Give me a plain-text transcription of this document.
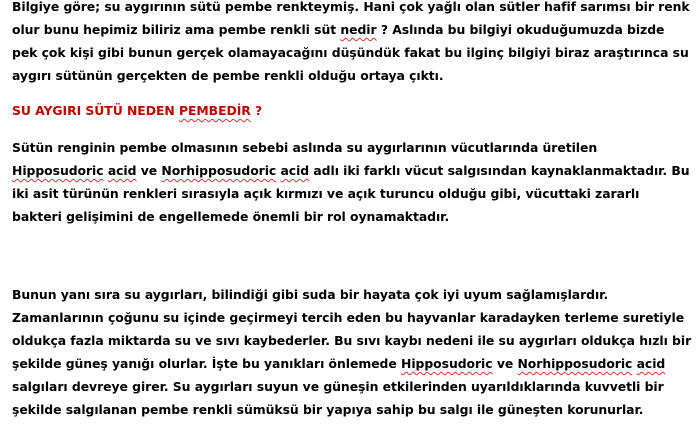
Bilgiye göre; su aygırının sütü pembe renkteymiş. Hani çok yağlı olan sütler hafif sarımsı bir renk olur bunu hepimiz biliriz ama pembe renkli süt nedir ? Aslında bu bilgiyi okuduğumuzda bizde pek çok kişi gibi bunun gerçek olamayacağını düşündük fakat bu ilginç bilgiyi biraz araştırınca su aygırı sütünün gerçekten de pembe renkli olduğu ortaya çıktı.

SU AYGIRI SÜTÜ NEDEN PEMBEDİR ?

Sütün renginin pembe olmasının sebebi aslında su aygırlarının vücutlarında üretilen Hipposudoric acid ve Norhipposudoric acid adlı iki farklı vücut salgısından kaynaklanmaktadır. Bu iki asit türünün renkleri sırasıyla açık kırmızı ve açık turuncu olduğu gibi, vücuttaki zararlı bakteri gelişimini de engellemede önemli bir rol oynamaktadır.

Bunun yanı sıra su aygırları, bilindiği gibi suda bir hayata çok iyi uyum sağlamışlardır. Zamanlarının çoğunu su içinde geçirmeyi tercih eden bu hayvanlar karadayken terleme suretiyle oldukça fazla miktarda su ve sıvı kaybederler. Bu sıvı kaybı nedeni ile su aygırları oldukça hızlı bir şekilde güneş yanığı olurlar. İşte bu yanıkları önlemede Hipposudoric ve Norhipposudoric acid salgıları devreye girer. Su aygırları suyun ve güneşin etkilerinden uyarıldıklarında kuvvetli bir şekilde salgılanan pembe renkli sümüksü bir yapıya sahip bu salgı ile güneşten korunurlar.
